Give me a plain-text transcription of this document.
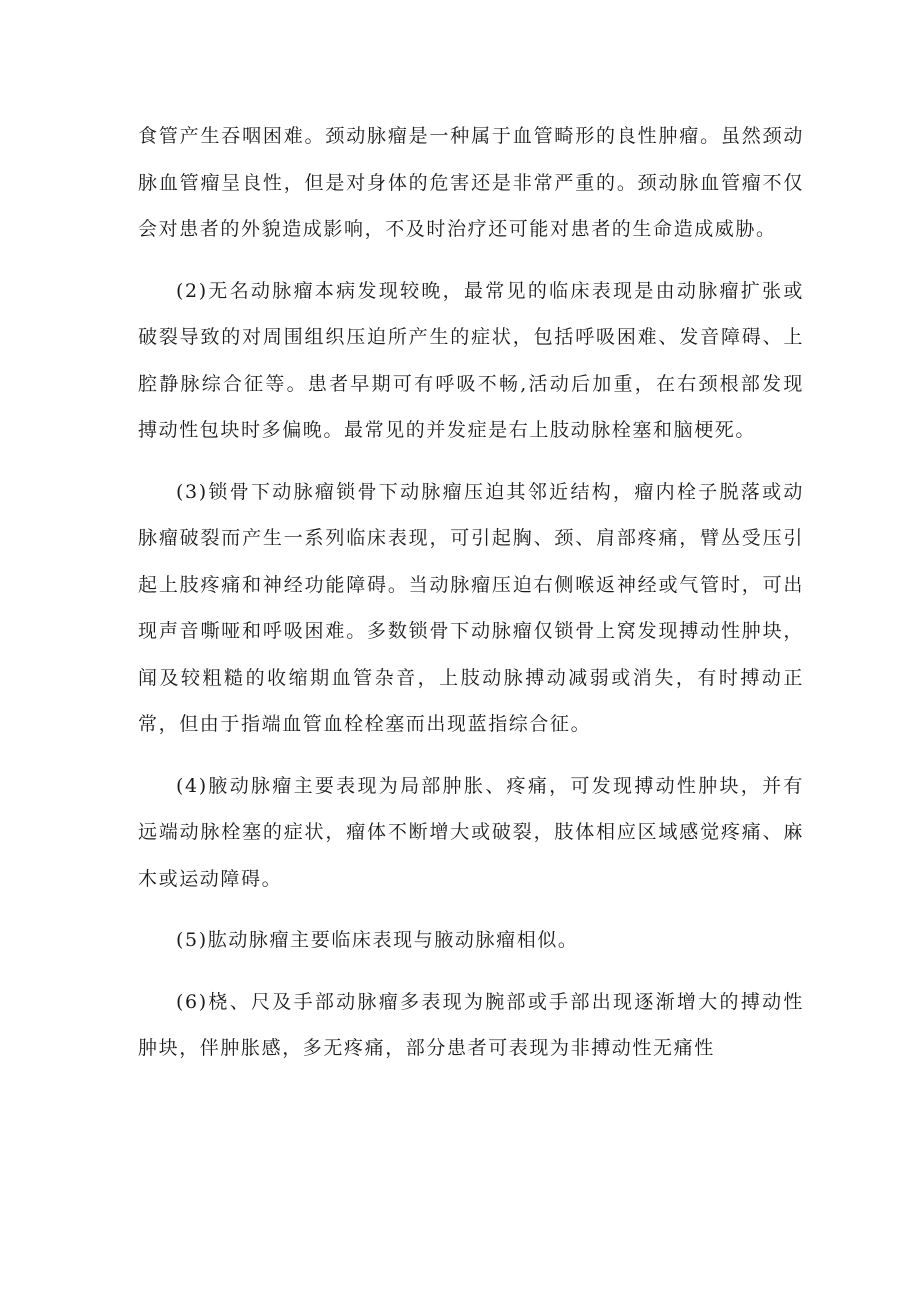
食管产生吞咽困难。颈动脉瘤是一种属于血管畸形的良性肿瘤。虽然颈动脉血管瘤呈良性，但是对身体的危害还是非常严重的。颈动脉血管瘤不仅会对患者的外貌造成影响，不及时治疗还可能对患者的生命造成威胁。

(2)无名动脉瘤本病发现较晚，最常见的临床表现是由动脉瘤扩张或破裂导致的对周围组织压迫所产生的症状，包括呼吸困难、发音障碍、上腔静脉综合征等。患者早期可有呼吸不畅,活动后加重，在右颈根部发现搏动性包块时多偏晚。最常见的并发症是右上肢动脉栓塞和脑梗死。

(3)锁骨下动脉瘤锁骨下动脉瘤压迫其邻近结构，瘤内栓子脱落或动脉瘤破裂而产生一系列临床表现，可引起胸、颈、肩部疼痛，臂丛受压引起上肢疼痛和神经功能障碍。当动脉瘤压迫右侧喉返神经或气管时，可出现声音嘶哑和呼吸困难。多数锁骨下动脉瘤仅锁骨上窝发现搏动性肿块，闻及较粗糙的收缩期血管杂音，上肢动脉搏动减弱或消失，有时搏动正常，但由于指端血管血栓栓塞而出现蓝指综合征。

(4)腋动脉瘤主要表现为局部肿胀、疼痛，可发现搏动性肿块，并有远端动脉栓塞的症状，瘤体不断增大或破裂，肢体相应区域感觉疼痛、麻木或运动障碍。

(5)肱动脉瘤主要临床表现与腋动脉瘤相似。

(6)桡、尺及手部动脉瘤多表现为腕部或手部出现逐渐增大的搏动性肿块，伴肿胀感，多无疼痛，部分患者可表现为非搏动性无痛性
